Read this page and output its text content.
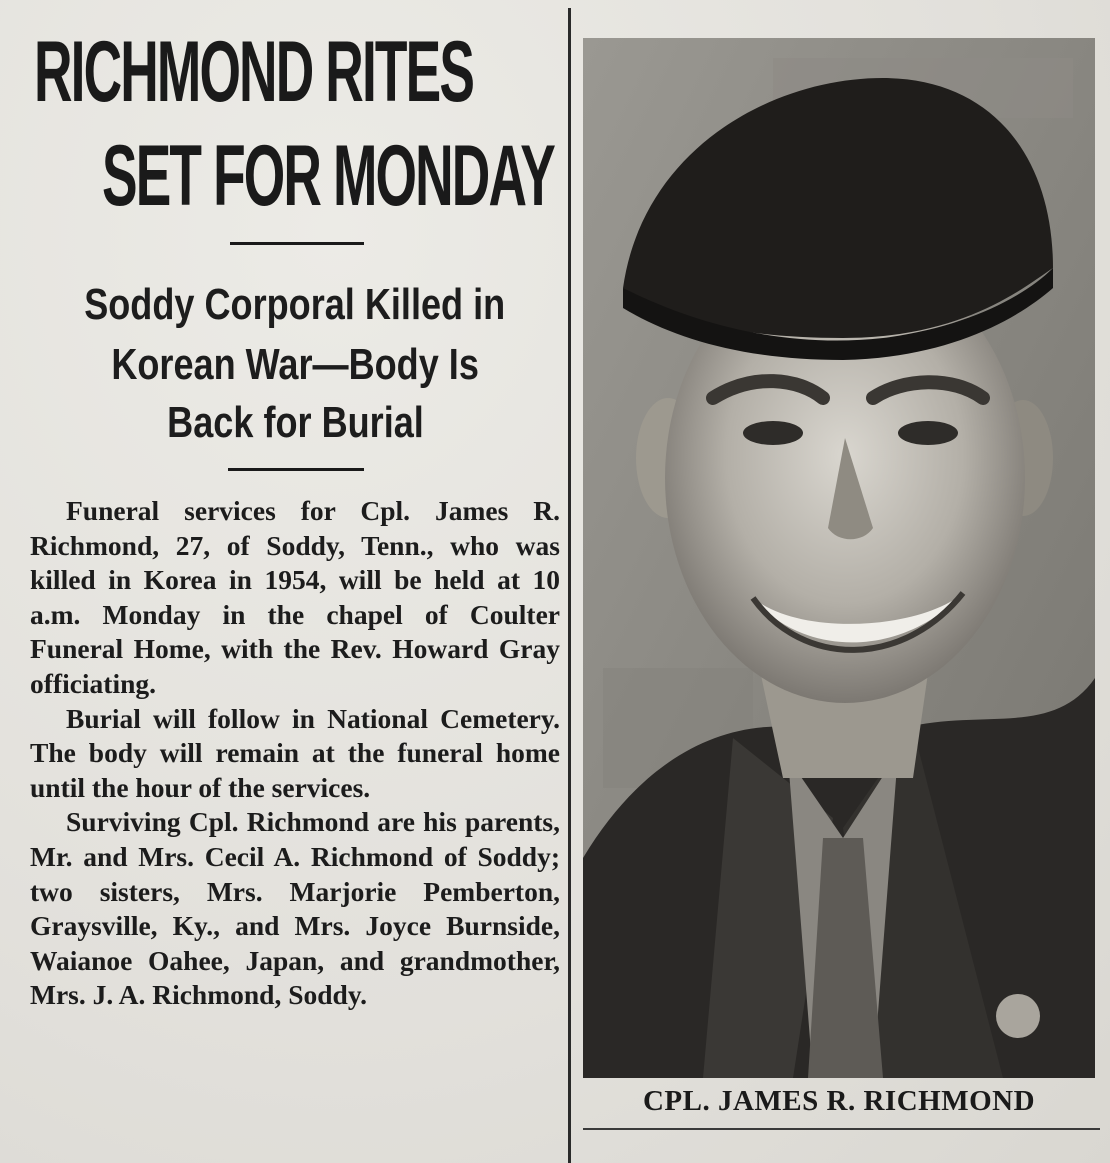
RICHMOND RITES
SET FOR MONDAY
Soddy Corporal Killed in
Korean War—Body Is
Back for Burial

Funeral services for Cpl. James R. Richmond, 27, of Soddy, Tenn., who was killed in Korea in 1954, will be held at 10 a.m. Monday in the chapel of Coulter Funeral Home, with the Rev. Howard Gray officiating.

Burial will follow in National Cemetery. The body will remain at the funeral home until the hour of the services.

Surviving Cpl. Richmond are his parents, Mr. and Mrs. Cecil A. Richmond of Soddy; two sisters, Mrs. Marjorie Pemberton, Graysville, Ky., and Mrs. Joyce Burnside, Waianoe Oahee, Japan, and grandmother, Mrs. J. A. Richmond, Soddy.

CPL. JAMES R. RICHMOND
